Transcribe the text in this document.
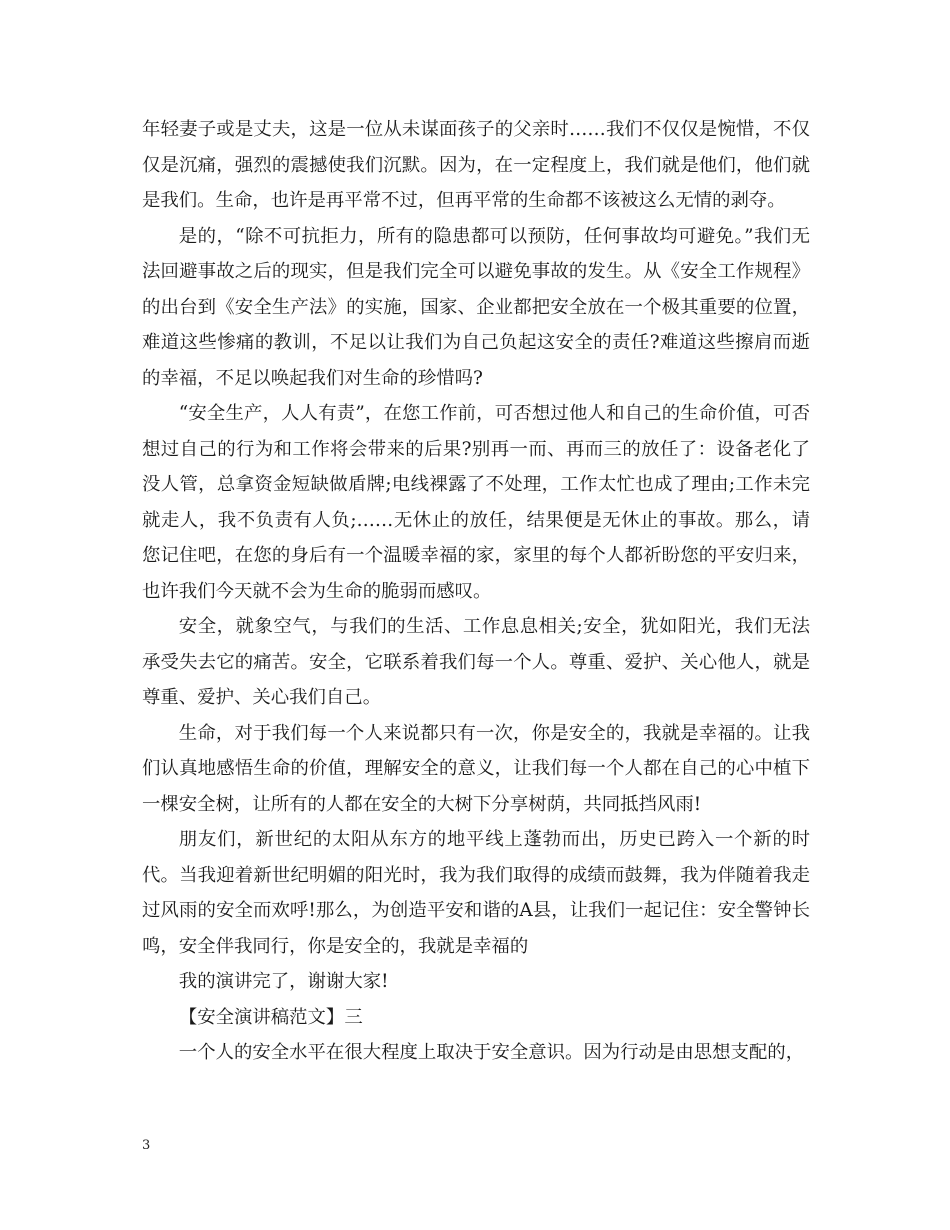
年轻妻子或是丈夫，这是一位从未谋面孩子的父亲时……我们不仅仅是惋惜，不仅仅是沉痛，强烈的震撼使我们沉默。因为，在一定程度上，我们就是他们，他们就是我们。生命，也许是再平常不过，但再平常的生命都不该被这么无情的剥夺。

是的，“除不可抗拒力，所有的隐患都可以预防，任何事故均可避免。”我们无法回避事故之后的现实，但是我们完全可以避免事故的发生。从《安全工作规程》的出台到《安全生产法》的实施，国家、企业都把安全放在一个极其重要的位置，难道这些惨痛的教训，不足以让我们为自己负起这安全的责任?难道这些擦肩而逝的幸福，不足以唤起我们对生命的珍惜吗?

“安全生产，人人有责”，在您工作前，可否想过他人和自己的生命价值，可否想过自己的行为和工作将会带来的后果?别再一而、再而三的放任了：设备老化了没人管，总拿资金短缺做盾牌;电线裸露了不处理，工作太忙也成了理由;工作未完就走人，我不负责有人负;……无休止的放任，结果便是无休止的事故。那么，请您记住吧，在您的身后有一个温暖幸福的家，家里的每个人都祈盼您的平安归来，也许我们今天就不会为生命的脆弱而感叹。

安全，就象空气，与我们的生活、工作息息相关;安全，犹如阳光，我们无法承受失去它的痛苦。安全，它联系着我们每一个人。尊重、爱护、关心他人，就是尊重、爱护、关心我们自己。

生命，对于我们每一个人来说都只有一次，你是安全的，我就是幸福的。让我们认真地感悟生命的价值，理解安全的意义，让我们每一个人都在自己的心中植下一棵安全树，让所有的人都在安全的大树下分享树荫，共同抵挡风雨!

朋友们，新世纪的太阳从东方的地平线上蓬勃而出，历史已跨入一个新的时代。当我迎着新世纪明媚的阳光时，我为我们取得的成绩而鼓舞，我为伴随着我走过风雨的安全而欢呼!那么，为创造平安和谐的A县，让我们一起记住：安全警钟长鸣，安全伴我同行，你是安全的，我就是幸福的

我的演讲完了，谢谢大家!

【安全演讲稿范文】三

一个人的安全水平在很大程度上取决于安全意识。因为行动是由思想支配的，

3
